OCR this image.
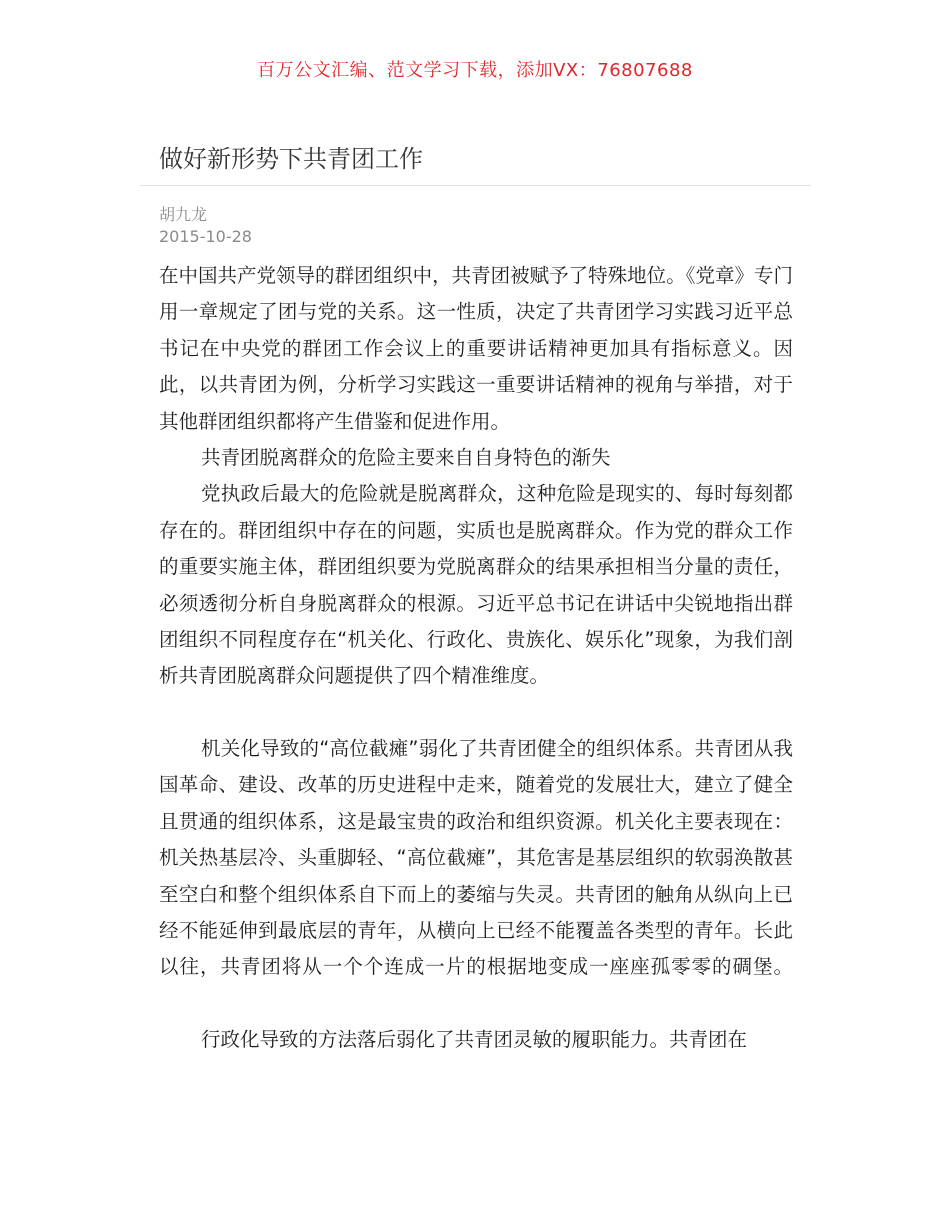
百万公文汇编、范文学习下载，添加VX：76807688
做好新形势下共青团工作
胡九龙
2015-10-28

在中国共产党领导的群团组织中，共青团被赋予了特殊地位。《党章》专门用一章规定了团与党的关系。这一性质，决定了共青团学习实践习近平总书记在中央党的群团工作会议上的重要讲话精神更加具有指标意义。因此，以共青团为例，分析学习实践这一重要讲话精神的视角与举措，对于其他群团组织都将产生借鉴和促进作用。

共青团脱离群众的危险主要来自自身特色的渐失

党执政后最大的危险就是脱离群众，这种危险是现实的、每时每刻都存在的。群团组织中存在的问题，实质也是脱离群众。作为党的群众工作的重要实施主体，群团组织要为党脱离群众的结果承担相当分量的责任，必须透彻分析自身脱离群众的根源。习近平总书记在讲话中尖锐地指出群团组织不同程度存在“机关化、行政化、贵族化、娱乐化”现象，为我们剖析共青团脱离群众问题提供了四个精准维度。

机关化导致的“高位截瘫”弱化了共青团健全的组织体系。共青团从我国革命、建设、改革的历史进程中走来，随着党的发展壮大，建立了健全且贯通的组织体系，这是最宝贵的政治和组织资源。机关化主要表现在：机关热基层冷、头重脚轻、“高位截瘫”，其危害是基层组织的软弱涣散甚至空白和整个组织体系自下而上的萎缩与失灵。共青团的触角从纵向上已经不能延伸到最底层的青年，从横向上已经不能覆盖各类型的青年。长此以往，共青团将从一个个连成一片的根据地变成一座座孤零零的碉堡。

行政化导致的方法落后弱化了共青团灵敏的履职能力。共青团在
